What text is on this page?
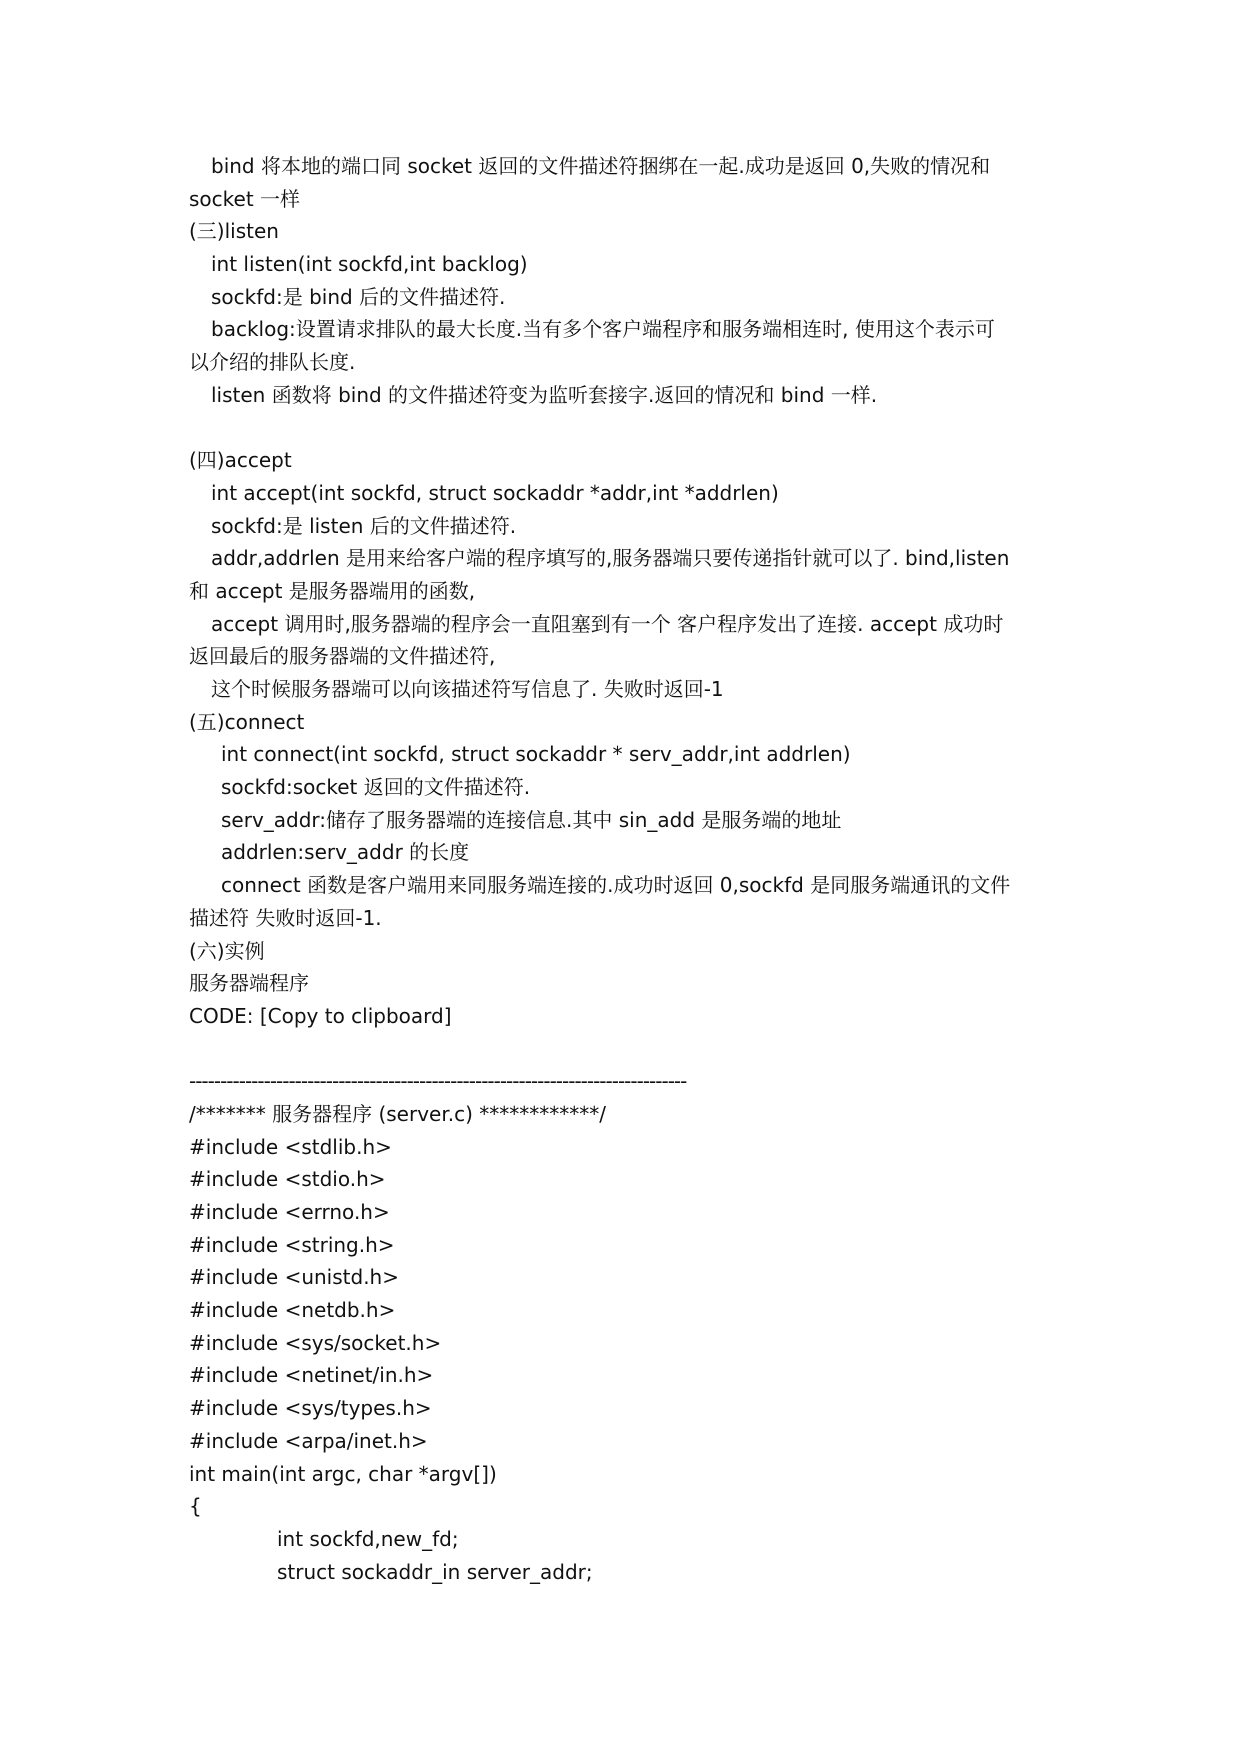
bind 将本地的端口同 socket 返回的文件描述符捆绑在一起.成功是返回 0,失败的情况和
socket 一样
(三)listen
int listen(int sockfd,int backlog)
sockfd:是 bind 后的文件描述符.
backlog:设置请求排队的最大长度.当有多个客户端程序和服务端相连时, 使用这个表示可
以介绍的排队长度.
listen 函数将 bind 的文件描述符变为监听套接字.返回的情况和 bind 一样.
(四)accept
int accept(int sockfd, struct sockaddr *addr,int *addrlen)
sockfd:是 listen 后的文件描述符.
addr,addrlen 是用来给客户端的程序填写的,服务器端只要传递指针就可以了. bind,listen
和 accept 是服务器端用的函数,
accept 调用时,服务器端的程序会一直阻塞到有一个 客户程序发出了连接. accept 成功时
返回最后的服务器端的文件描述符,
这个时候服务器端可以向该描述符写信息了. 失败时返回-1
(五)connect
int connect(int sockfd, struct sockaddr * serv_addr,int addrlen)
sockfd:socket 返回的文件描述符.
serv_addr:储存了服务器端的连接信息.其中 sin_add 是服务端的地址
addrlen:serv_addr 的长度
connect 函数是客户端用来同服务端连接的.成功时返回 0,sockfd 是同服务端通讯的文件
描述符 失败时返回-1.
(六)实例
服务器端程序
CODE: [Copy to clipboard]
--------------------------------------------------------------------------------
/******* 服务器程序 (server.c) ************/
#include <stdlib.h>
#include <stdio.h>
#include <errno.h>
#include <string.h>
#include <unistd.h>
#include <netdb.h>
#include <sys/socket.h>
#include <netinet/in.h>
#include <sys/types.h>
#include <arpa/inet.h>
int main(int argc, char *argv[])
{
int sockfd,new_fd;
struct sockaddr_in server_addr;
